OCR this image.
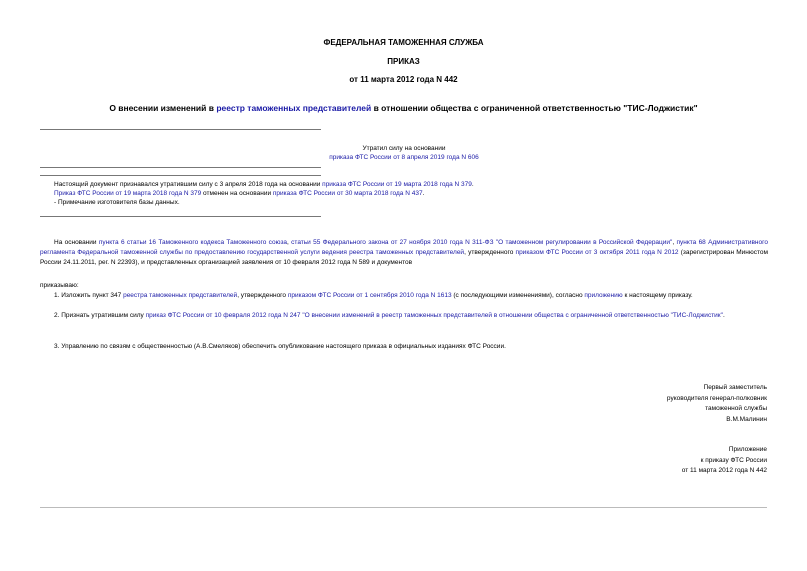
ФЕДЕРАЛЬНАЯ ТАМОЖЕННАЯ СЛУЖБА
ПРИКАЗ
от 11 марта 2012 года N 442
О внесении изменений в реестр таможенных представителей в отношении общества с ограниченной ответственностью "ТИС-Лоджистик"
Утратил силу на основании
приказа ФТС России от 8 апреля 2019 года N 606
Настоящий документ признавался утратившим силу с 3 апреля 2018 года на основании приказа ФТС России от 19 марта 2018 года N 379.
Приказ ФТС России от 19 марта 2018 года N 379 отменен на основании приказа ФТС России от 30 марта 2018 года N 437.
- Примечание изготовителя базы данных.
На основании пункта 6 статьи 16 Таможенного кодекса Таможенного союза, статьи 55 Федерального закона от 27 ноября 2010 года N 311-ФЗ "О таможенном регулировании в Российской Федерации", пункта 68 Административного регламента Федеральной таможенной службы по предоставлению государственной услуги ведения реестра таможенных представителей, утвержденного приказом ФТС России от 3 октября 2011 года N 2012 (зарегистрирован Минюстом России 24.11.2011, рег. N 22393), и представленных организацией заявления от 10 февраля 2012 года N 589 и документов
приказываю:
1. Изложить пункт 347 реестра таможенных представителей, утвержденного приказом ФТС России от 1 сентября 2010 года N 1613 (с последующими изменениями), согласно приложению к настоящему приказу.
2. Признать утратившим силу приказ ФТС России от 10 февраля 2012 года N 247 "О внесении изменений в реестр таможенных представителей в отношении общества с ограниченной ответственностью "ТИС-Лоджистик".
3. Управлению по связям с общественностью (А.В.Смеляков) обеспечить опубликование настоящего приказа в официальных изданиях ФТС России.
Первый заместитель
руководителя генерал-полковник
таможенной службы
В.М.Малинин
Приложение
к приказу ФТС России
от 11 марта 2012 года N 442
